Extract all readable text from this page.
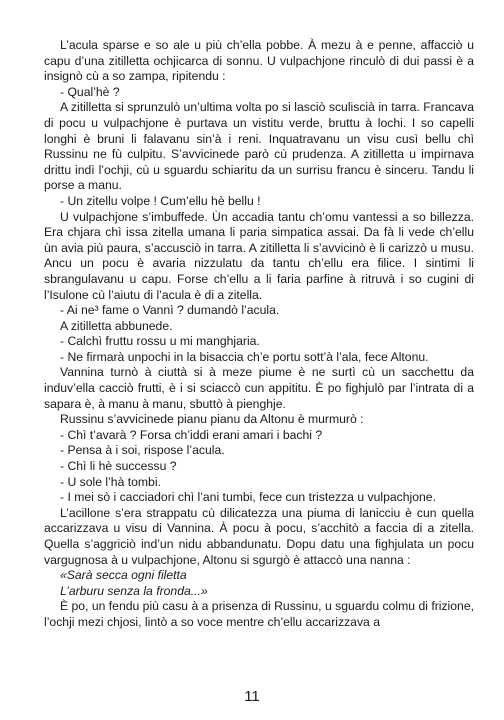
L’acula sparse e so ale u più ch’ella pobbe. À mezu à e penne, affacciò u capu d’una zitilletta ochjicarca di sonnu. U vulpachjone rinculò di dui passi è a insignò cù a so zampa, ripitendu :

- Qual’hè ?

A zitilletta si sprunzulò un’ultima volta po si lasciò sculiscià in tarra. Francava di pocu u vulpachjone è purtava un vistitu verde, bruttu à lochi. I so capelli longhi è bruni li falavanu sin’à i reni. Inquatravanu un visu cusì bellu chì Russinu ne fù culpitu. S’avvicinede parò cù prudenza. A zitilletta u impirnava drittu indì l’ochji, cù u sguardu schiaritu da un surrisu francu è sinceru. Tandu li porse a manu.

- Un zitellu volpe ! Cum’ellu hè bellu !

U vulpachjone s’imbuffede. Ùn accadia tantu ch’omu vantessi a so billezza. Era chjara chì issa zitella umana li paria simpatica assai. Da fà li vede ch’ellu ùn avia più paura, s’accusciò in tarra. A zitilletta li s’avvicinò è li carizzò u musu. Ancu un pocu è avaria nizzulatu da tantu ch’ellu era filice. I sintimi li sbrangulavanu u capu. Forse ch’ellu a li faria parfine à ritruvà i so cugini di l’Isulone cù l’aiutu di l’acula è di a zitella.

- Ai ne³ fame o Vannì ? dumandò l’acula.

A zitilletta abbunede.

- Calchì fruttu rossu u mi manghjaria.

- Ne firmarà unpochi in la bisaccia ch’e portu sott’à l’ala, fece Altonu.

Vannina turnò à ciuttà si à meze piume è ne surtì cù un sacchettu da induv’ella cacciò frutti, è i si sciaccò cun appititu. È po fighjulò par l’intrata di a sapara è, à manu à manu, sbuttò à pienghje.

Russinu s’avvicinede pianu pianu da Altonu è murmurò :

- Chì t’avarà ? Forsa ch’iddi erani amari i bachi ?

- Pensa à i soi, rispose l’acula.

- Chì li hè successu ?

- U sole l’hà tombi.

- I mei sò i cacciadori chì l’ani tumbi, fece cun tristezza u vulpachjone.

L’acillone s’era strappatu cù dilicatezza una piuma di lanicciu è cun quella accarizzava u visu di Vannina. À pocu à pocu, s’acchitò a faccia di a zitella. Quella s’aggriciò ind’un nidu abbandunatu. Dopu datu una fighjulata un pocu vargugnosa à u vulpachjone, Altonu si sgurgò è attaccò una nanna :

«Sarà secca ogni filetta

L’arburu senza la fronda...»

È po, un fendu più casu à a prisenza di Russinu, u sguardu colmu di frizione, l’ochji mezi chjosi, lintò a so voce mentre ch’ellu accarizzava a

11
